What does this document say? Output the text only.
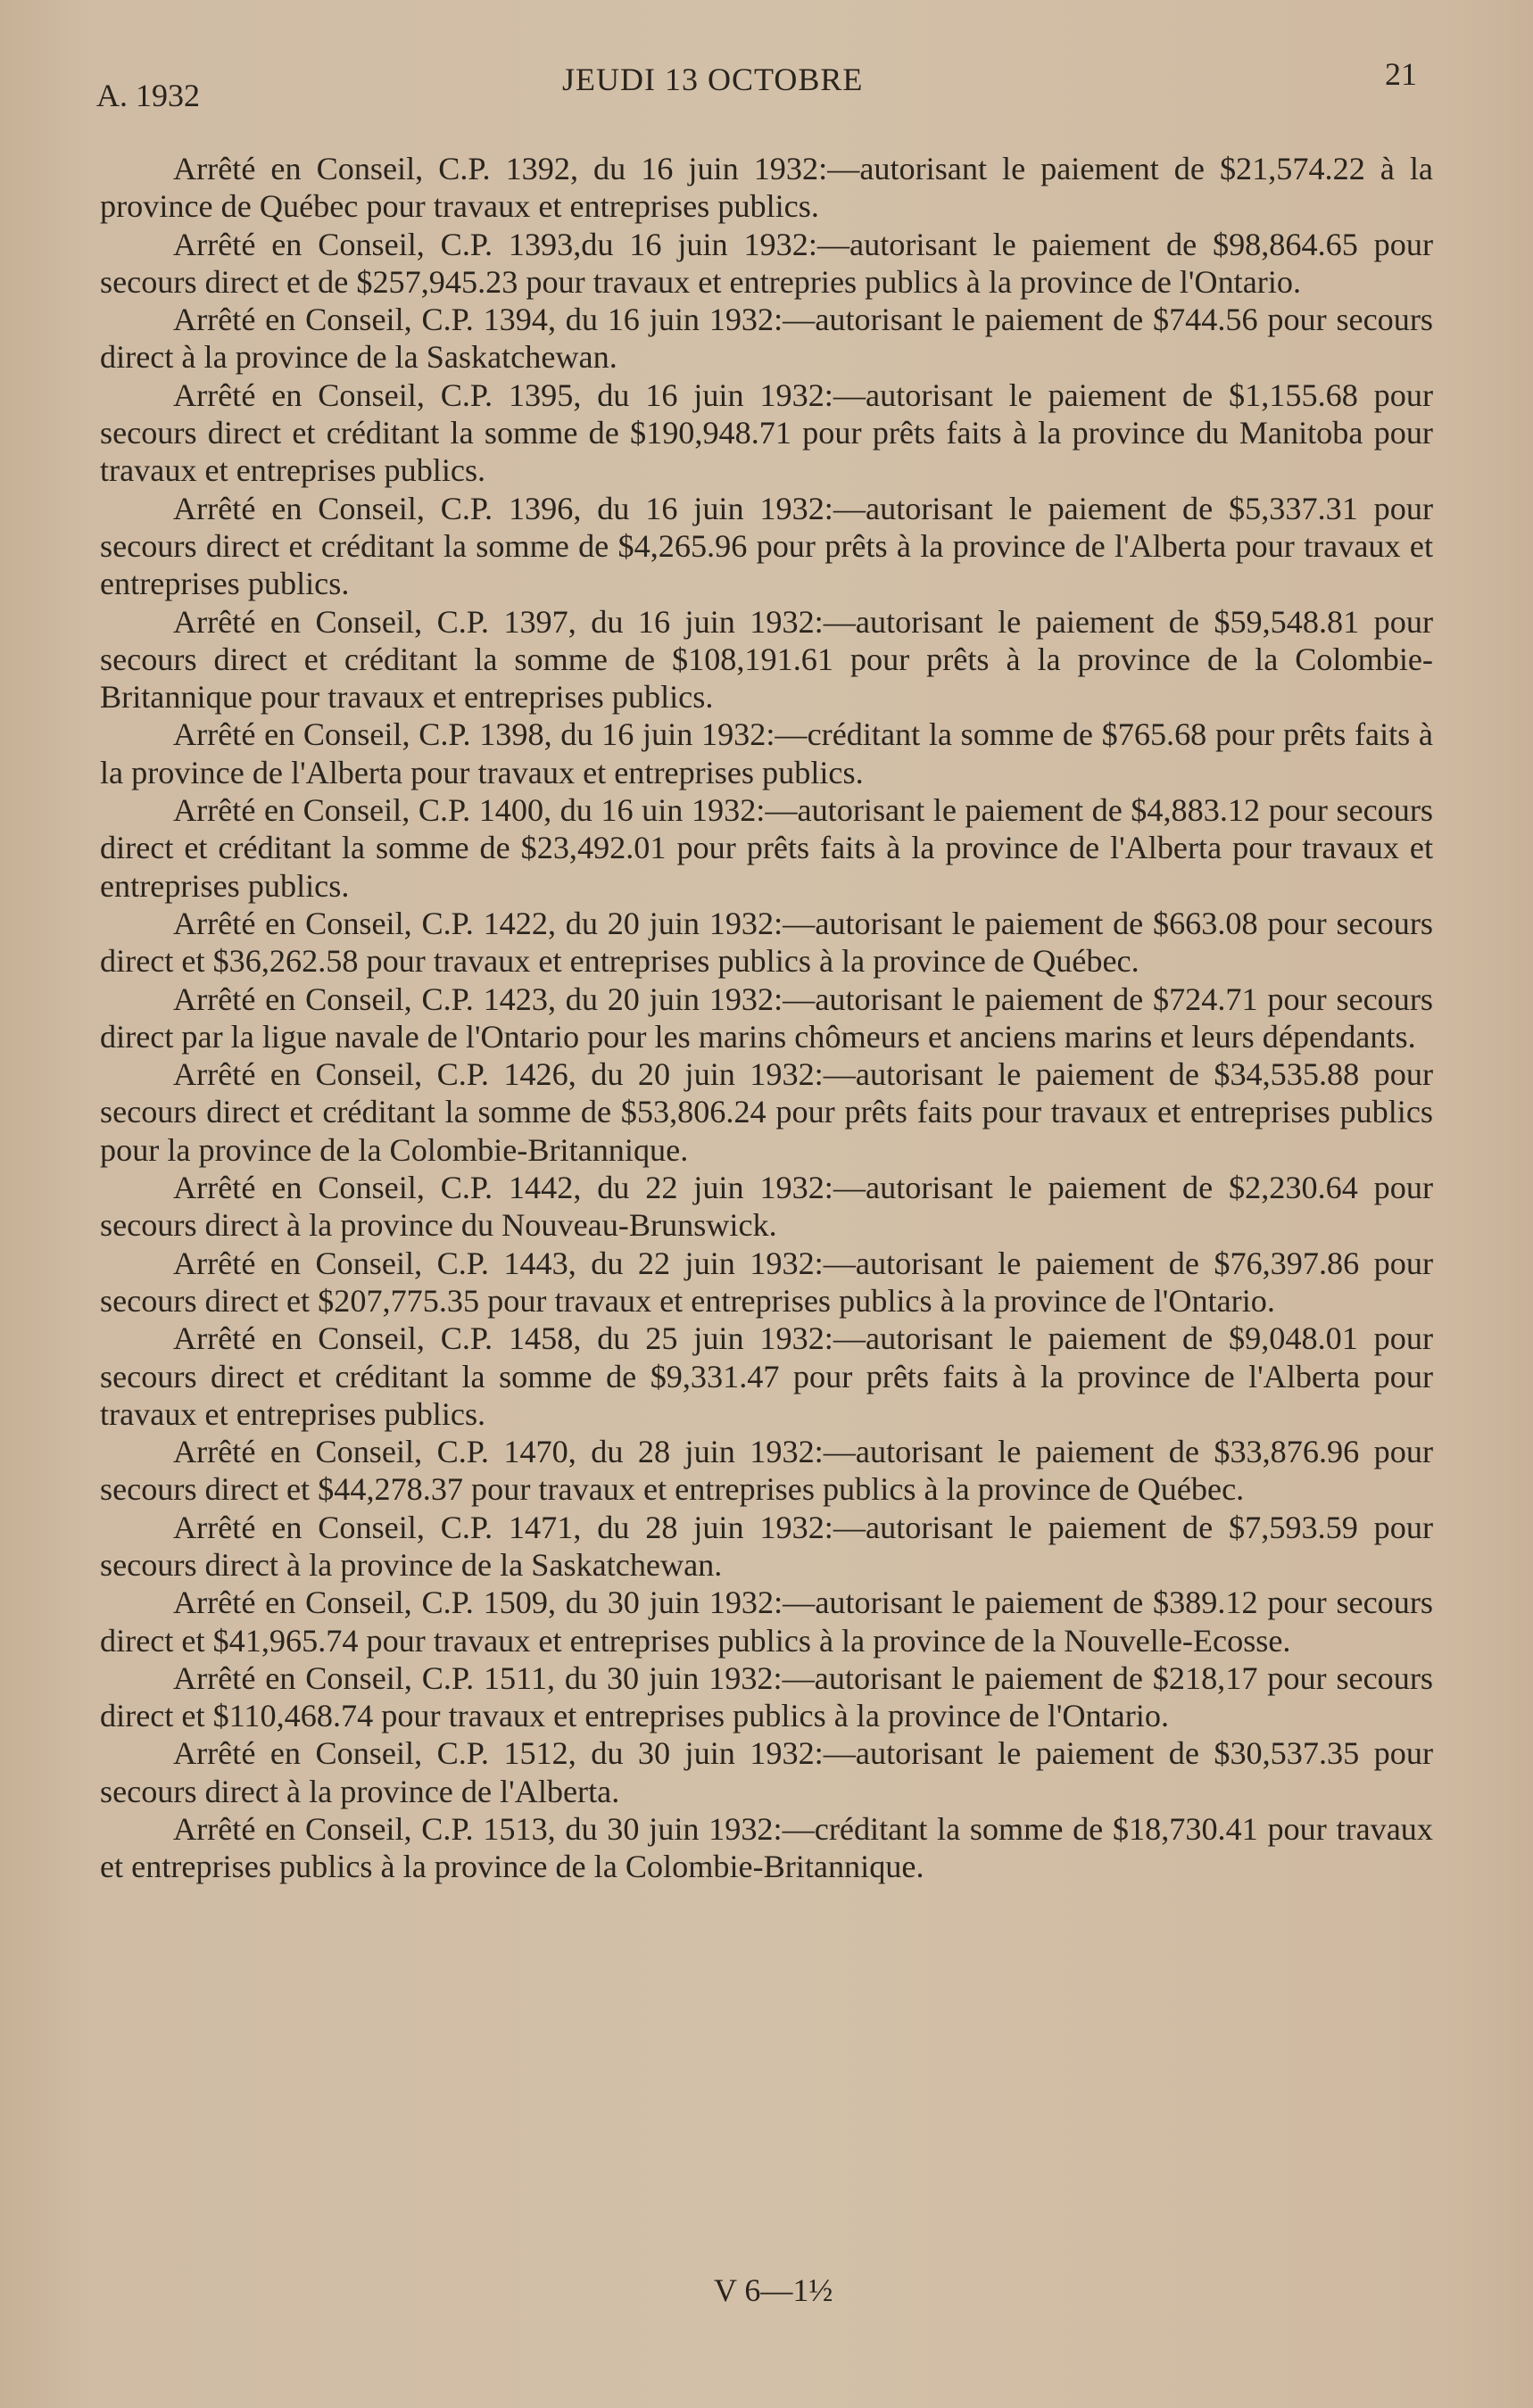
A. 1932	JEUDI 13 OCTOBRE	21

Arrêté en Conseil, C.P. 1392, du 16 juin 1932:—autorisant le paiement de $21,574.22 à la province de Québec pour travaux et entreprises publics.

Arrêté en Conseil, C.P. 1393,du 16 juin 1932:—autorisant le paiement de $98,864.65 pour secours direct et de $257,945.23 pour travaux et entrepries publics à la province de l'Ontario.

Arrêté en Conseil, C.P. 1394, du 16 juin 1932:—autorisant le paiement de $744.56 pour secours direct à la province de la Saskatchewan.

Arrêté en Conseil, C.P. 1395, du 16 juin 1932:—autorisant le paiement de $1,155.68 pour secours direct et créditant la somme de $190,948.71 pour prêts faits à la province du Manitoba pour travaux et entreprises publics.

Arrêté en Conseil, C.P. 1396, du 16 juin 1932:—autorisant le paiement de $5,337.31 pour secours direct et créditant la somme de $4,265.96 pour prêts à la province de l'Alberta pour travaux et entreprises publics.

Arrêté en Conseil, C.P. 1397, du 16 juin 1932:—autorisant le paiement de $59,548.81 pour secours direct et créditant la somme de $108,191.61 pour prêts à la province de la Colombie-Britannique pour travaux et entreprises publics.

Arrêté en Conseil, C.P. 1398, du 16 juin 1932:—créditant la somme de $765.68 pour prêts faits à la province de l'Alberta pour travaux et entreprises publics.

Arrêté en Conseil, C.P. 1400, du 16 uin 1932:—autorisant le paiement de $4,883.12 pour secours direct et créditant la somme de $23,492.01 pour prêts faits à la province de l'Alberta pour travaux et entreprises publics.

Arrêté en Conseil, C.P. 1422, du 20 juin 1932:—autorisant le paiement de $663.08 pour secours direct et $36,262.58 pour travaux et entreprises publics à la province de Québec.

Arrêté en Conseil, C.P. 1423, du 20 juin 1932:—autorisant le paiement de $724.71 pour secours direct par la ligue navale de l'Ontario pour les marins chômeurs et anciens marins et leurs dépendants.

Arrêté en Conseil, C.P. 1426, du 20 juin 1932:—autorisant le paiement de $34,535.88 pour secours direct et créditant la somme de $53,806.24 pour prêts faits pour travaux et entreprises publics pour la province de la Colombie-Britannique.

Arrêté en Conseil, C.P. 1442, du 22 juin 1932:—autorisant le paiement de $2,230.64 pour secours direct à la province du Nouveau-Brunswick.

Arrêté en Conseil, C.P. 1443, du 22 juin 1932:—autorisant le paiement de $76,397.86 pour secours direct et $207,775.35 pour travaux et entreprises publics à la province de l'Ontario.

Arrêté en Conseil, C.P. 1458, du 25 juin 1932:—autorisant le paiement de $9,048.01 pour secours direct et créditant la somme de $9,331.47 pour prêts faits à la province de l'Alberta pour travaux et entreprises publics.

Arrêté en Conseil, C.P. 1470, du 28 juin 1932:—autorisant le paiement de $33,876.96 pour secours direct et $44,278.37 pour travaux et entreprises publics à la province de Québec.

Arrêté en Conseil, C.P. 1471, du 28 juin 1932:—autorisant le paiement de $7,593.59 pour secours direct à la province de la Saskatchewan.

Arrêté en Conseil, C.P. 1509, du 30 juin 1932:—autorisant le paiement de $389.12 pour secours direct et $41,965.74 pour travaux et entreprises publics à la province de la Nouvelle-Ecosse.

Arrêté en Conseil, C.P. 1511, du 30 juin 1932:—autorisant le paiement de $218,17 pour secours direct et $110,468.74 pour travaux et entreprises publics à la province de l'Ontario.

Arrêté en Conseil, C.P. 1512, du 30 juin 1932:—autorisant le paiement de $30,537.35 pour secours direct à la province de l'Alberta.

Arrêté en Conseil, C.P. 1513, du 30 juin 1932:—créditant la somme de $18,730.41 pour travaux et entreprises publics à la province de la Colombie-Britannique.

V 6—1½
